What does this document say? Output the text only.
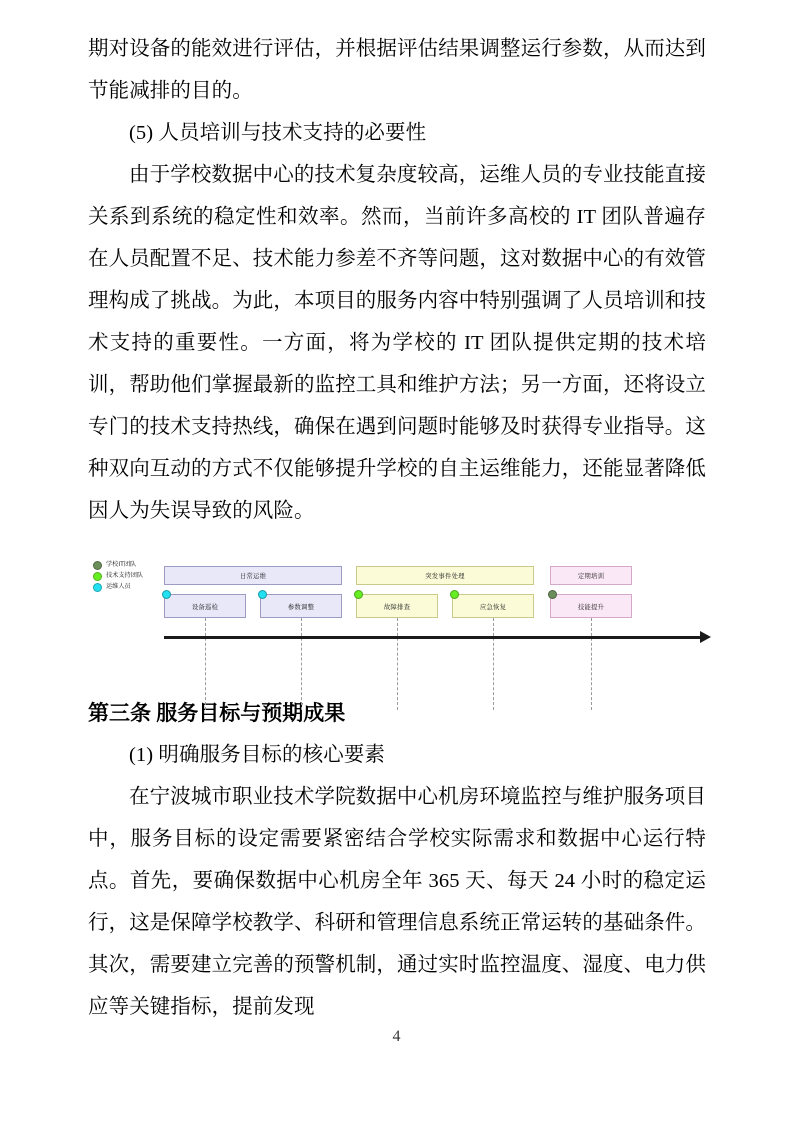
期对设备的能效进行评估，并根据评估结果调整运行参数，从而达到节能减排的目的。

(5) 人员培训与技术支持的必要性

由于学校数据中心的技术复杂度较高，运维人员的专业技能直接关系到系统的稳定性和效率。然而，当前许多高校的 IT 团队普遍存在人员配置不足、技术能力参差不齐等问题，这对数据中心的有效管理构成了挑战。为此，本项目的服务内容中特别强调了人员培训和技术支持的重要性。一方面，将为学校的 IT 团队提供定期的技术培训，帮助他们掌握最新的监控工具和维护方法；另一方面，还将设立专门的技术支持热线，确保在遇到问题时能够及时获得专业指导。这种双向互动的方式不仅能够提升学校的自主运维能力，还能显著降低因人为失误导致的风险。

第三条 服务目标与预期成果

(1) 明确服务目标的核心要素

在宁波城市职业技术学院数据中心机房环境监控与维护服务项目中，服务目标的设定需要紧密结合学校实际需求和数据中心运行特点。首先，要确保数据中心机房全年 365 天、每天 24 小时的稳定运行，这是保障学校教学、科研和管理信息系统正常运转的基础条件。其次，需要建立完善的预警机制，通过实时监控温度、湿度、电力供应等关键指标，提前发现

学校IT团队
技术支持团队
运维人员
日常运维
设备巡检	参数调整
突发事件处理
故障排查	应急恢复
定期培训
技能提升
4
